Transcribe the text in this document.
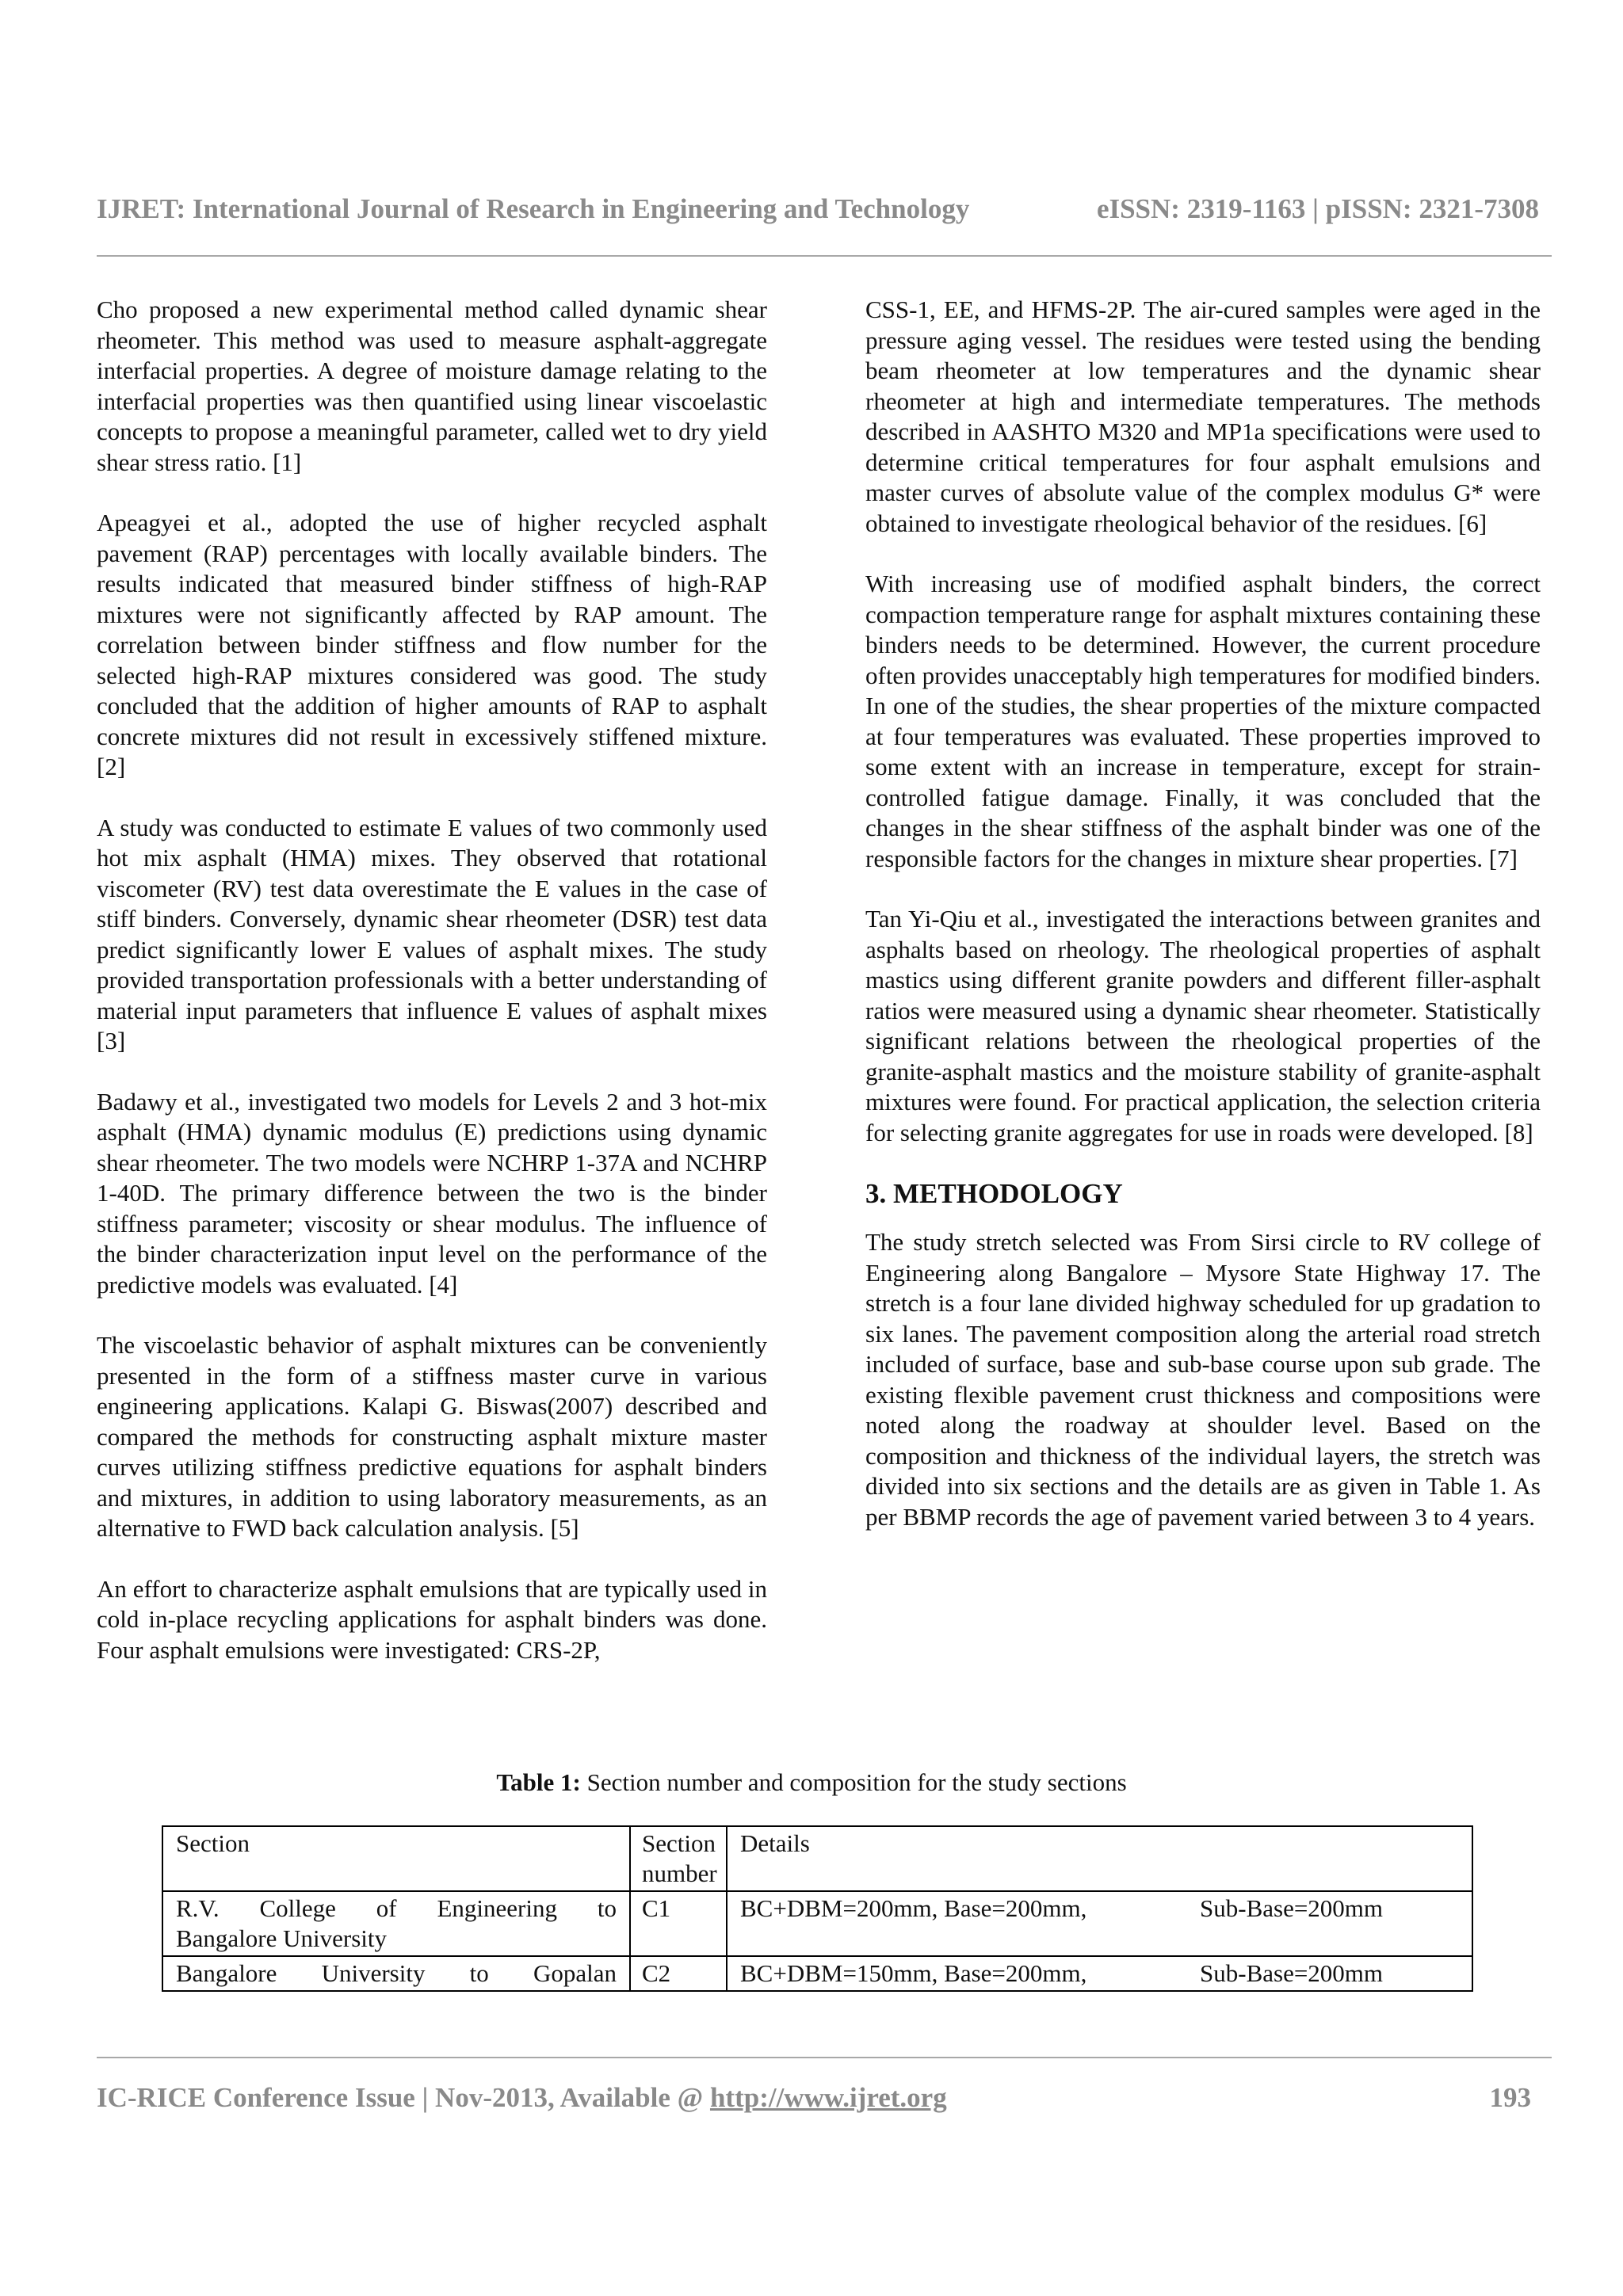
IJRET: International Journal of Research in Engineering and Technology	eISSN: 2319-1163 | pISSN: 2321-7308

Cho proposed a new experimental method called dynamic shear rheometer. This method was used to measure asphalt-aggregate interfacial properties. A degree of moisture damage relating to the interfacial properties was then quantified using linear viscoelastic concepts to propose a meaningful parameter, called wet to dry yield shear stress ratio. [1]

Apeagyei et al., adopted the use of higher recycled asphalt pavement (RAP) percentages with locally available binders. The results indicated that measured binder stiffness of high-RAP mixtures were not significantly affected by RAP amount. The correlation between binder stiffness and flow number for the selected high-RAP mixtures considered was good. The study concluded that the addition of higher amounts of RAP to asphalt concrete mixtures did not result in excessively stiffened mixture. [2]

A study was conducted to estimate E values of two commonly used hot mix asphalt (HMA) mixes. They observed that rotational viscometer (RV) test data overestimate the E values in the case of stiff binders. Conversely, dynamic shear rheometer (DSR) test data predict significantly lower E values of asphalt mixes. The study provided transportation professionals with a better understanding of material input parameters that influence E values of asphalt mixes [3]

Badawy et al., investigated two models for Levels 2 and 3 hot-mix asphalt (HMA) dynamic modulus (E) predictions using dynamic shear rheometer. The two models were NCHRP 1-37A and NCHRP 1-40D. The primary difference between the two is the binder stiffness parameter; viscosity or shear modulus. The influence of the binder characterization input level on the performance of the predictive models was evaluated. [4]

The viscoelastic behavior of asphalt mixtures can be conveniently presented in the form of a stiffness master curve in various engineering applications. Kalapi G. Biswas(2007) described and compared the methods for constructing asphalt mixture master curves utilizing stiffness predictive equations for asphalt binders and mixtures, in addition to using laboratory measurements, as an alternative to FWD back calculation analysis. [5]

An effort to characterize asphalt emulsions that are typically used in cold in-place recycling applications for asphalt binders was done. Four asphalt emulsions were investigated: CRS-2P,

CSS-1, EE, and HFMS-2P. The air-cured samples were aged in the pressure aging vessel. The residues were tested using the bending beam rheometer at low temperatures and the dynamic shear rheometer at high and intermediate temperatures. The methods described in AASHTO M320 and MP1a specifications were used to determine critical temperatures for four asphalt emulsions and master curves of absolute value of the complex modulus G* were obtained to investigate rheological behavior of the residues. [6]

With increasing use of modified asphalt binders, the correct compaction temperature range for asphalt mixtures containing these binders needs to be determined. However, the current procedure often provides unacceptably high temperatures for modified binders. In one of the studies, the shear properties of the mixture compacted at four temperatures was evaluated. These properties improved to some extent with an increase in temperature, except for strain-controlled fatigue damage. Finally, it was concluded that the changes in the shear stiffness of the asphalt binder was one of the responsible factors for the changes in mixture shear properties. [7]

Tan Yi-Qiu et al., investigated the interactions between granites and asphalts based on rheology. The rheological properties of asphalt mastics using different granite powders and different filler-asphalt ratios were measured using a dynamic shear rheometer. Statistically significant relations between the rheological properties of the granite-asphalt mastics and the moisture stability of granite-asphalt mixtures were found. For practical application, the selection criteria for selecting granite aggregates for use in roads were developed. [8]

3. METHODOLOGY

The study stretch selected was From Sirsi circle to RV college of Engineering along Bangalore – Mysore State Highway 17. The stretch is a four lane divided highway scheduled for up gradation to six lanes. The pavement composition along the arterial road stretch included of surface, base and sub-base course upon sub grade. The existing flexible pavement crust thickness and compositions were noted along the roadway at shoulder level. Based on the composition and thickness of the individual layers, the stretch was divided into six sections and the details are as given in Table 1. As per BBMP records the age of pavement varied between 3 to 4 years.

Table 1: Section number and composition for the study sections
Section	Section number	Details

R.V. College of Engineering to
Bangalore University	C1	BC+DBM=200mm, Base=200mm, Sub-Base=200mm

Bangalore University to Gopalan	C2	BC+DBM=150mm, Base=200mm, Sub-Base=200mm
IC-RICE Conference Issue | Nov-2013, Available @ http://www.ijret.org	193
